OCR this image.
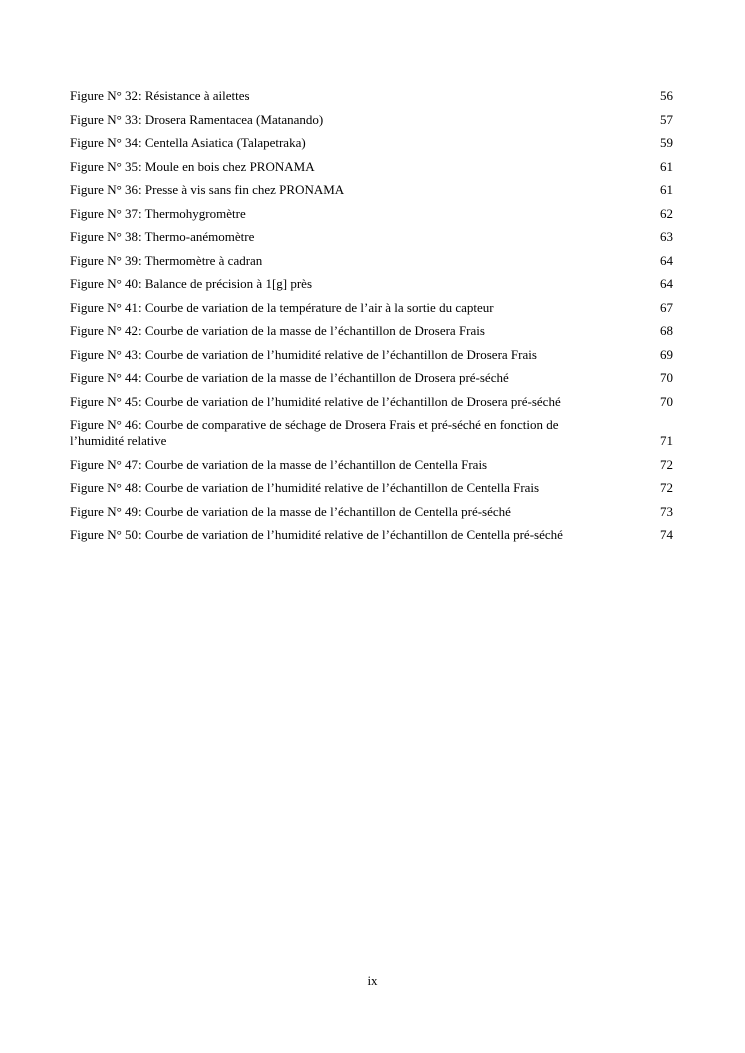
Figure N° 32: Résistance à ailettes	56
Figure N° 33: Drosera Ramentacea (Matanando)	57
Figure N° 34: Centella Asiatica (Talapetraka)	59
Figure N° 35: Moule en bois chez PRONAMA	61
Figure N° 36: Presse à vis sans fin chez PRONAMA	61
Figure N° 37: Thermohygromètre	62
Figure N° 38: Thermo-anémomètre	63
Figure N° 39: Thermomètre à cadran	64
Figure N° 40: Balance de précision à 1[g] près	64
Figure N° 41: Courbe de variation de la température de l’air à la sortie du capteur	67
Figure N° 42: Courbe de variation de la masse de l’échantillon de Drosera Frais	68
Figure N° 43: Courbe de variation de l’humidité relative de l’échantillon de Drosera Frais	69
Figure N° 44: Courbe de variation de la masse de l’échantillon de Drosera pré-séché	70
Figure N° 45: Courbe de variation de l’humidité relative de l’échantillon de Drosera pré-séché	70
Figure N° 46: Courbe de comparative de séchage de Drosera Frais et pré-séché en fonction de
l’humidité relative	71
Figure N° 47: Courbe de variation de la masse de l’échantillon de Centella Frais	72
Figure N° 48: Courbe de variation de l’humidité relative de l’échantillon de Centella Frais	72
Figure N° 49: Courbe de variation de la masse de l’échantillon de Centella pré-séché	73
Figure N° 50: Courbe de variation de l’humidité relative de l’échantillon de Centella pré-séché	74
ix
